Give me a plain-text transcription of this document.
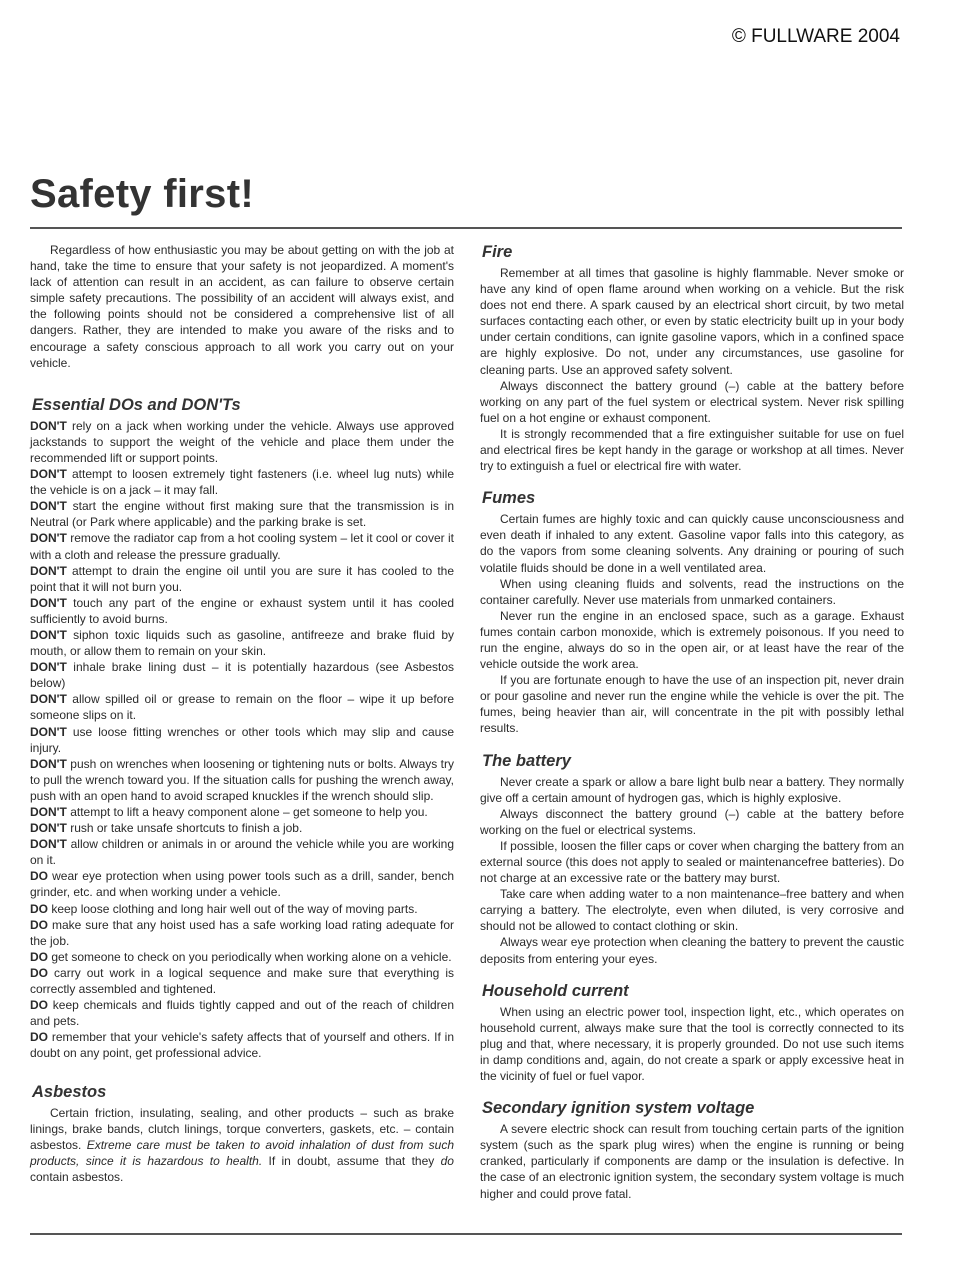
© FULLWARE 2004
Safety first!

Regardless of how enthusiastic you may be about getting on with the job at hand, take the time to ensure that your safety is not jeopardized. A moment's lack of attention can result in an accident, as can failure to observe certain simple safety precautions. The possibility of an accident will always exist, and the following points should not be considered a comprehensive list of all dangers. Rather, they are intended to make you aware of the risks and to encourage a safety conscious approach to all work you carry out on your vehicle.

Essential DOs and DON'Ts

DON'T rely on a jack when working under the vehicle. Always use approved jackstands to support the weight of the vehicle and place them under the recommended lift or support points.

DON'T attempt to loosen extremely tight fasteners (i.e. wheel lug nuts) while the vehicle is on a jack – it may fall.

DON'T start the engine without first making sure that the transmission is in Neutral (or Park where applicable) and the parking brake is set.

DON'T remove the radiator cap from a hot cooling system – let it cool or cover it with a cloth and release the pressure gradually.

DON'T attempt to drain the engine oil until you are sure it has cooled to the point that it will not burn you.

DON'T touch any part of the engine or exhaust system until it has cooled sufficiently to avoid burns.

DON'T siphon toxic liquids such as gasoline, antifreeze and brake fluid by mouth, or allow them to remain on your skin.

DON'T inhale brake lining dust – it is potentially hazardous (see Asbestos below)

DON'T allow spilled oil or grease to remain on the floor – wipe it up before someone slips on it.

DON'T use loose fitting wrenches or other tools which may slip and cause injury.

DON'T push on wrenches when loosening or tightening nuts or bolts. Always try to pull the wrench toward you. If the situation calls for pushing the wrench away, push with an open hand to avoid scraped knuckles if the wrench should slip.

DON'T attempt to lift a heavy component alone – get someone to help you.

DON'T rush or take unsafe shortcuts to finish a job.

DON'T allow children or animals in or around the vehicle while you are working on it.

DO wear eye protection when using power tools such as a drill, sander, bench grinder, etc. and when working under a vehicle.

DO keep loose clothing and long hair well out of the way of moving parts.

DO make sure that any hoist used has a safe working load rating adequate for the job.

DO get someone to check on you periodically when working alone on a vehicle.

DO carry out work in a logical sequence and make sure that everything is correctly assembled and tightened.

DO keep chemicals and fluids tightly capped and out of the reach of children and pets.

DO remember that your vehicle's safety affects that of yourself and others. If in doubt on any point, get professional advice.

Asbestos

Certain friction, insulating, sealing, and other products – such as brake linings, brake bands, clutch linings, torque converters, gaskets, etc. – contain asbestos. Extreme care must be taken to avoid inhalation of dust from such products, since it is hazardous to health. If in doubt, assume that they do contain asbestos.

Fire

Remember at all times that gasoline is highly flammable. Never smoke or have any kind of open flame around when working on a vehicle. But the risk does not end there. A spark caused by an electrical short circuit, by two metal surfaces contacting each other, or even by static electricity built up in your body under certain conditions, can ignite gasoline vapors, which in a confined space are highly explosive. Do not, under any circumstances, use gasoline for cleaning parts. Use an approved safety solvent.

Always disconnect the battery ground (–) cable at the battery before working on any part of the fuel system or electrical system. Never risk spilling fuel on a hot engine or exhaust component.

It is strongly recommended that a fire extinguisher suitable for use on fuel and electrical fires be kept handy in the garage or workshop at all times. Never try to extinguish a fuel or electrical fire with water.

Fumes

Certain fumes are highly toxic and can quickly cause unconsciousness and even death if inhaled to any extent. Gasoline vapor falls into this category, as do the vapors from some cleaning solvents. Any draining or pouring of such volatile fluids should be done in a well ventilated area.

When using cleaning fluids and solvents, read the instructions on the container carefully. Never use materials from unmarked containers.

Never run the engine in an enclosed space, such as a garage. Exhaust fumes contain carbon monoxide, which is extremely poisonous. If you need to run the engine, always do so in the open air, or at least have the rear of the vehicle outside the work area.

If you are fortunate enough to have the use of an inspection pit, never drain or pour gasoline and never run the engine while the vehicle is over the pit. The fumes, being heavier than air, will concentrate in the pit with possibly lethal results.

The battery

Never create a spark or allow a bare light bulb near a battery. They normally give off a certain amount of hydrogen gas, which is highly explosive.

Always disconnect the battery ground (–) cable at the battery before working on the fuel or electrical systems.

If possible, loosen the filler caps or cover when charging the battery from an external source (this does not apply to sealed or maintenancefree batteries). Do not charge at an excessive rate or the battery may burst.

Take care when adding water to a non maintenance–free battery and when carrying a battery. The electrolyte, even when diluted, is very corrosive and should not be allowed to contact clothing or skin.

Always wear eye protection when cleaning the battery to prevent the caustic deposits from entering your eyes.

Household current

When using an electric power tool, inspection light, etc., which operates on household current, always make sure that the tool is correctly connected to its plug and that, where necessary, it is properly grounded. Do not use such items in damp conditions and, again, do not create a spark or apply excessive heat in the vicinity of fuel or fuel vapor.

Secondary ignition system voltage

A severe electric shock can result from touching certain parts of the ignition system (such as the spark plug wires) when the engine is running or being cranked, particularly if components are damp or the insulation is defective. In the case of an electronic ignition system, the secondary system voltage is much higher and could prove fatal.
